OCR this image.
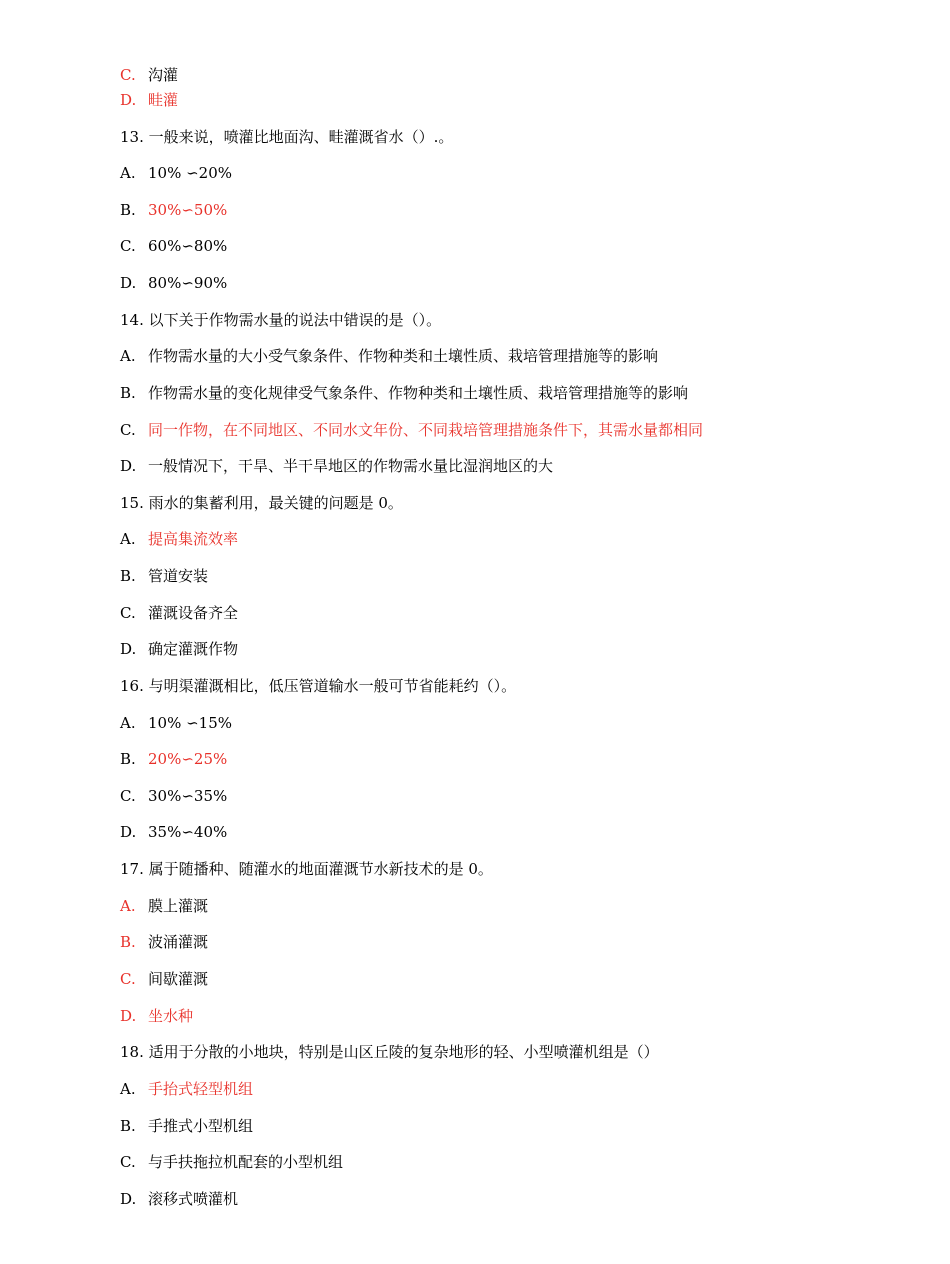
C. 沟灌
D. 畦灌
13. 一般来说，喷灌比地面沟、畦灌溉省水（）.。
A. 10% ∽20%
B. 30%∽50%
C. 60%∽80%
D. 80%∽90%
14. 以下关于作物需水量的说法中错误的是（）。
A. 作物需水量的大小受气象条件、作物种类和土壤性质、栽培管理措施等的影响
B. 作物需水量的变化规律受气象条件、作物种类和土壤性质、栽培管理措施等的影响
C. 同一作物，在不同地区、不同水文年份、不同栽培管理措施条件下，其需水量都相同
D. 一般情况下，干旱、半干旱地区的作物需水量比湿润地区的大
15. 雨水的集蓄利用，最关键的问题是 0。
A. 提高集流效率
B. 管道安装
C. 灌溉设备齐全
D. 确定灌溉作物
16. 与明渠灌溉相比，低压管道输水一般可节省能耗约（）。
A. 10% ∽15%
B. 20%∽25%
C. 30%∽35%
D. 35%∽40%
17. 属于随播种、随灌水的地面灌溉节水新技术的是 0。
A. 膜上灌溉
B. 波涌灌溉
C. 间歇灌溉
D. 坐水种
18. 适用于分散的小地块，特别是山区丘陵的复杂地形的轻、小型喷灌机组是（）
A. 手抬式轻型机组
B. 手推式小型机组
C. 与手扶拖拉机配套的小型机组
D. 滚移式喷灌机
